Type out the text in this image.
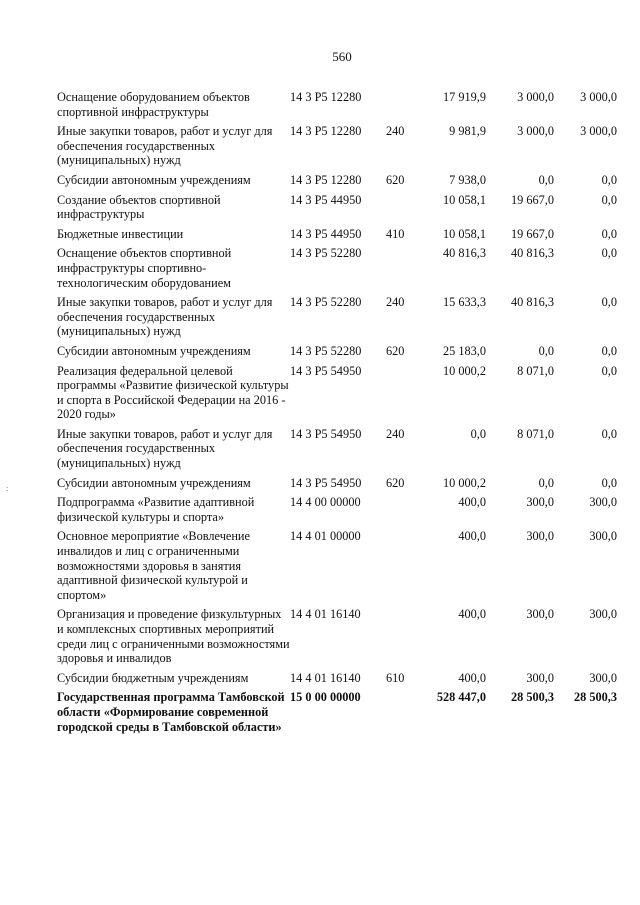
560
:
Оснащение оборудованием объектов спортивной инфраструктуры	14 3 P5 12280		17 919,9	3 000,0	3 000,0
Иные закупки товаров, работ и услуг для обеспечения государственных (муниципальных) нужд	14 3 P5 12280	240	9 981,9	3 000,0	3 000,0
Субсидии автономным учреждениям	14 3 P5 12280	620	7 938,0	0,0	0,0
Создание объектов спортивной инфраструктуры	14 3 P5 44950		10 058,1	19 667,0	0,0
Бюджетные инвестиции	14 3 P5 44950	410	10 058,1	19 667,0	0,0
Оснащение объектов спортивной инфраструктуры спортивно-технологическим оборудованием	14 3 P5 52280		40 816,3	40 816,3	0,0
Иные закупки товаров, работ и услуг для обеспечения государственных (муниципальных) нужд	14 3 P5 52280	240	15 633,3	40 816,3	0,0
Субсидии автономным учреждениям	14 3 P5 52280	620	25 183,0	0,0	0,0
Реализация федеральной целевой программы «Развитие физической культуры и спорта в Российской Федерации на 2016 - 2020 годы»	14 3 P5 54950		10 000,2	8 071,0	0,0
Иные закупки товаров, работ и услуг для обеспечения государственных (муниципальных) нужд	14 3 P5 54950	240	0,0	8 071,0	0,0
Субсидии автономным учреждениям	14 3 P5 54950	620	10 000,2	0,0	0,0
Подпрограмма «Развитие адаптивной физической культуры и спорта»	14 4 00 00000		400,0	300,0	300,0
Основное мероприятие «Вовлечение инвалидов и лиц с ограниченными возможностями здоровья в занятия адаптивной физической культурой и спортом»	14 4 01 00000		400,0	300,0	300,0
Организация и проведение физкультурных и комплексных спортивных мероприятий среди лиц с ограниченными возможностями здоровья и инвалидов	14 4 01 16140		400,0	300,0	300,0
Субсидии бюджетным учреждениям	14 4 01 16140	610	400,0	300,0	300,0
Государственная программа Тамбовской области «Формирование современной городской среды в Тамбовской области»	15 0 00 00000		528 447,0	28 500,3	28 500,3
